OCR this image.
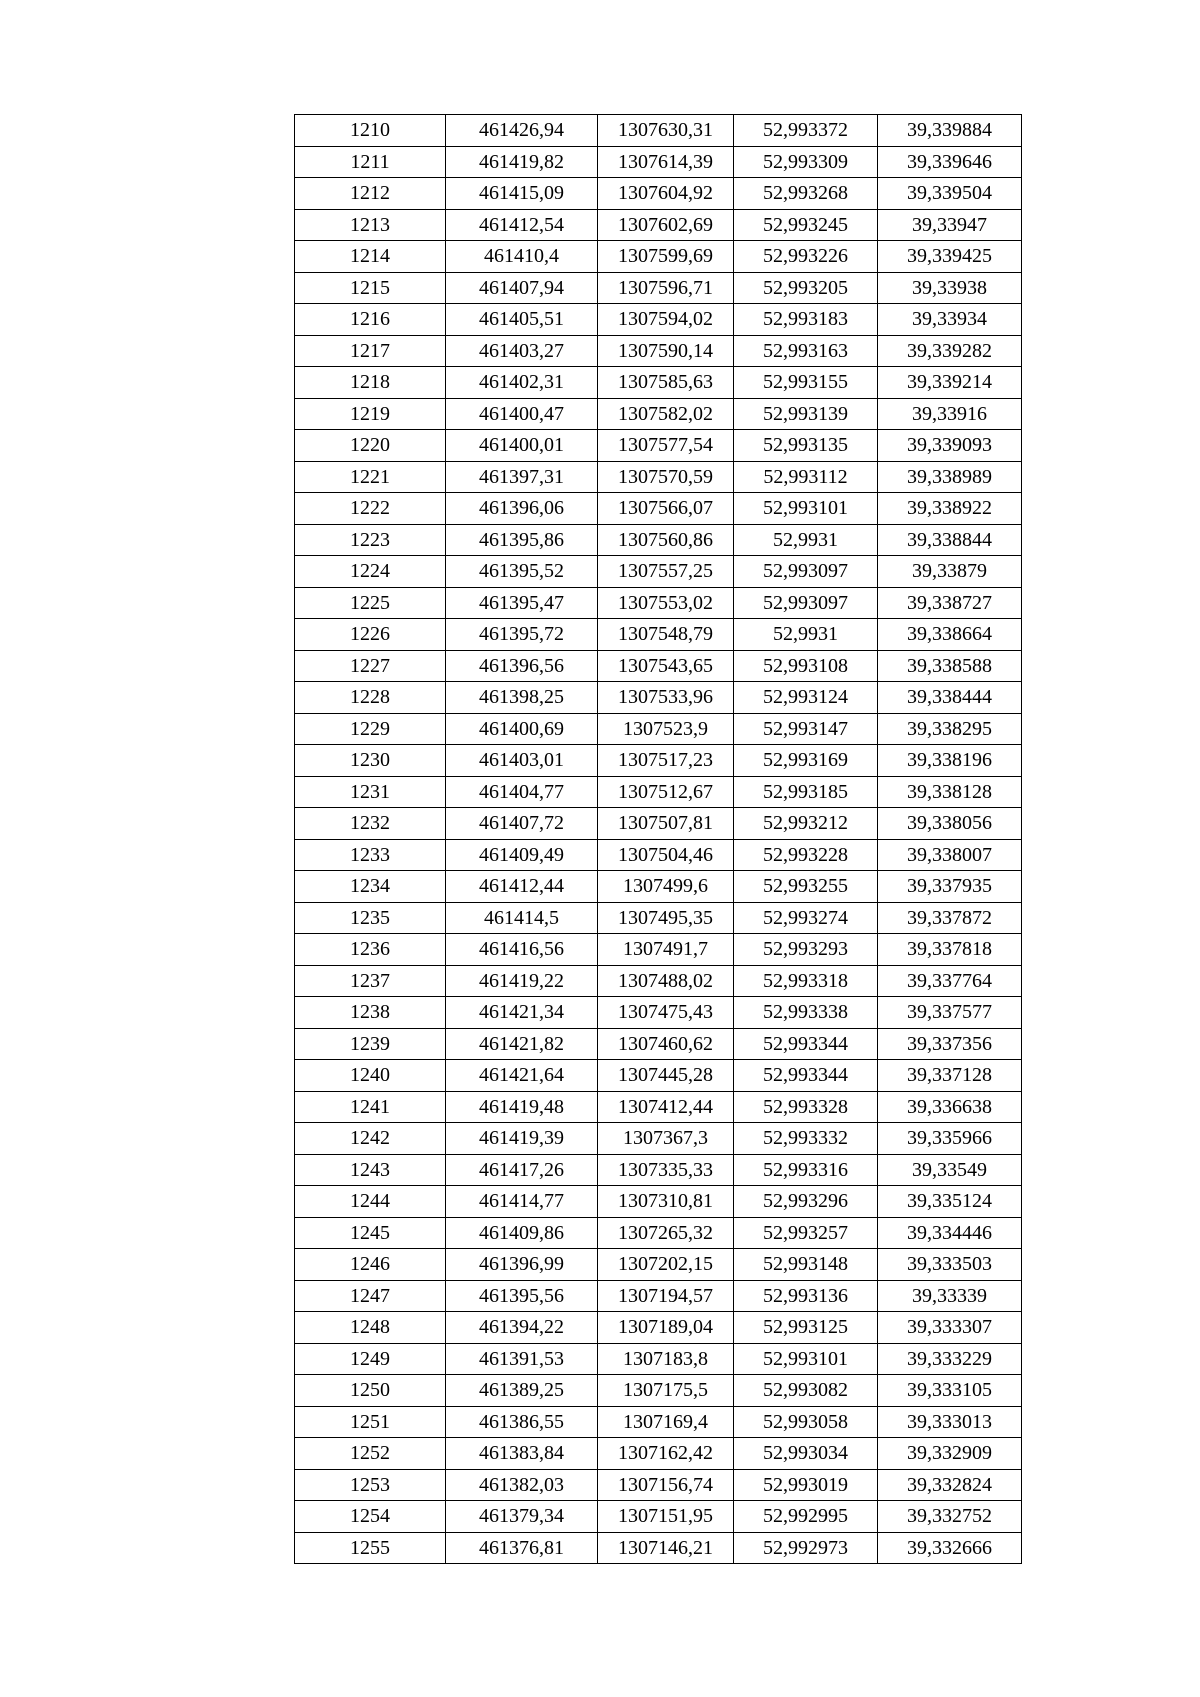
1210	461426,94	1307630,31	52,993372	39,339884
1211	461419,82	1307614,39	52,993309	39,339646
1212	461415,09	1307604,92	52,993268	39,339504
1213	461412,54	1307602,69	52,993245	39,33947
1214	461410,4	1307599,69	52,993226	39,339425
1215	461407,94	1307596,71	52,993205	39,33938
1216	461405,51	1307594,02	52,993183	39,33934
1217	461403,27	1307590,14	52,993163	39,339282
1218	461402,31	1307585,63	52,993155	39,339214
1219	461400,47	1307582,02	52,993139	39,33916
1220	461400,01	1307577,54	52,993135	39,339093
1221	461397,31	1307570,59	52,993112	39,338989
1222	461396,06	1307566,07	52,993101	39,338922
1223	461395,86	1307560,86	52,9931	39,338844
1224	461395,52	1307557,25	52,993097	39,33879
1225	461395,47	1307553,02	52,993097	39,338727
1226	461395,72	1307548,79	52,9931	39,338664
1227	461396,56	1307543,65	52,993108	39,338588
1228	461398,25	1307533,96	52,993124	39,338444
1229	461400,69	1307523,9	52,993147	39,338295
1230	461403,01	1307517,23	52,993169	39,338196
1231	461404,77	1307512,67	52,993185	39,338128
1232	461407,72	1307507,81	52,993212	39,338056
1233	461409,49	1307504,46	52,993228	39,338007
1234	461412,44	1307499,6	52,993255	39,337935
1235	461414,5	1307495,35	52,993274	39,337872
1236	461416,56	1307491,7	52,993293	39,337818
1237	461419,22	1307488,02	52,993318	39,337764
1238	461421,34	1307475,43	52,993338	39,337577
1239	461421,82	1307460,62	52,993344	39,337356
1240	461421,64	1307445,28	52,993344	39,337128
1241	461419,48	1307412,44	52,993328	39,336638
1242	461419,39	1307367,3	52,993332	39,335966
1243	461417,26	1307335,33	52,993316	39,33549
1244	461414,77	1307310,81	52,993296	39,335124
1245	461409,86	1307265,32	52,993257	39,334446
1246	461396,99	1307202,15	52,993148	39,333503
1247	461395,56	1307194,57	52,993136	39,33339
1248	461394,22	1307189,04	52,993125	39,333307
1249	461391,53	1307183,8	52,993101	39,333229
1250	461389,25	1307175,5	52,993082	39,333105
1251	461386,55	1307169,4	52,993058	39,333013
1252	461383,84	1307162,42	52,993034	39,332909
1253	461382,03	1307156,74	52,993019	39,332824
1254	461379,34	1307151,95	52,992995	39,332752
1255	461376,81	1307146,21	52,992973	39,332666
